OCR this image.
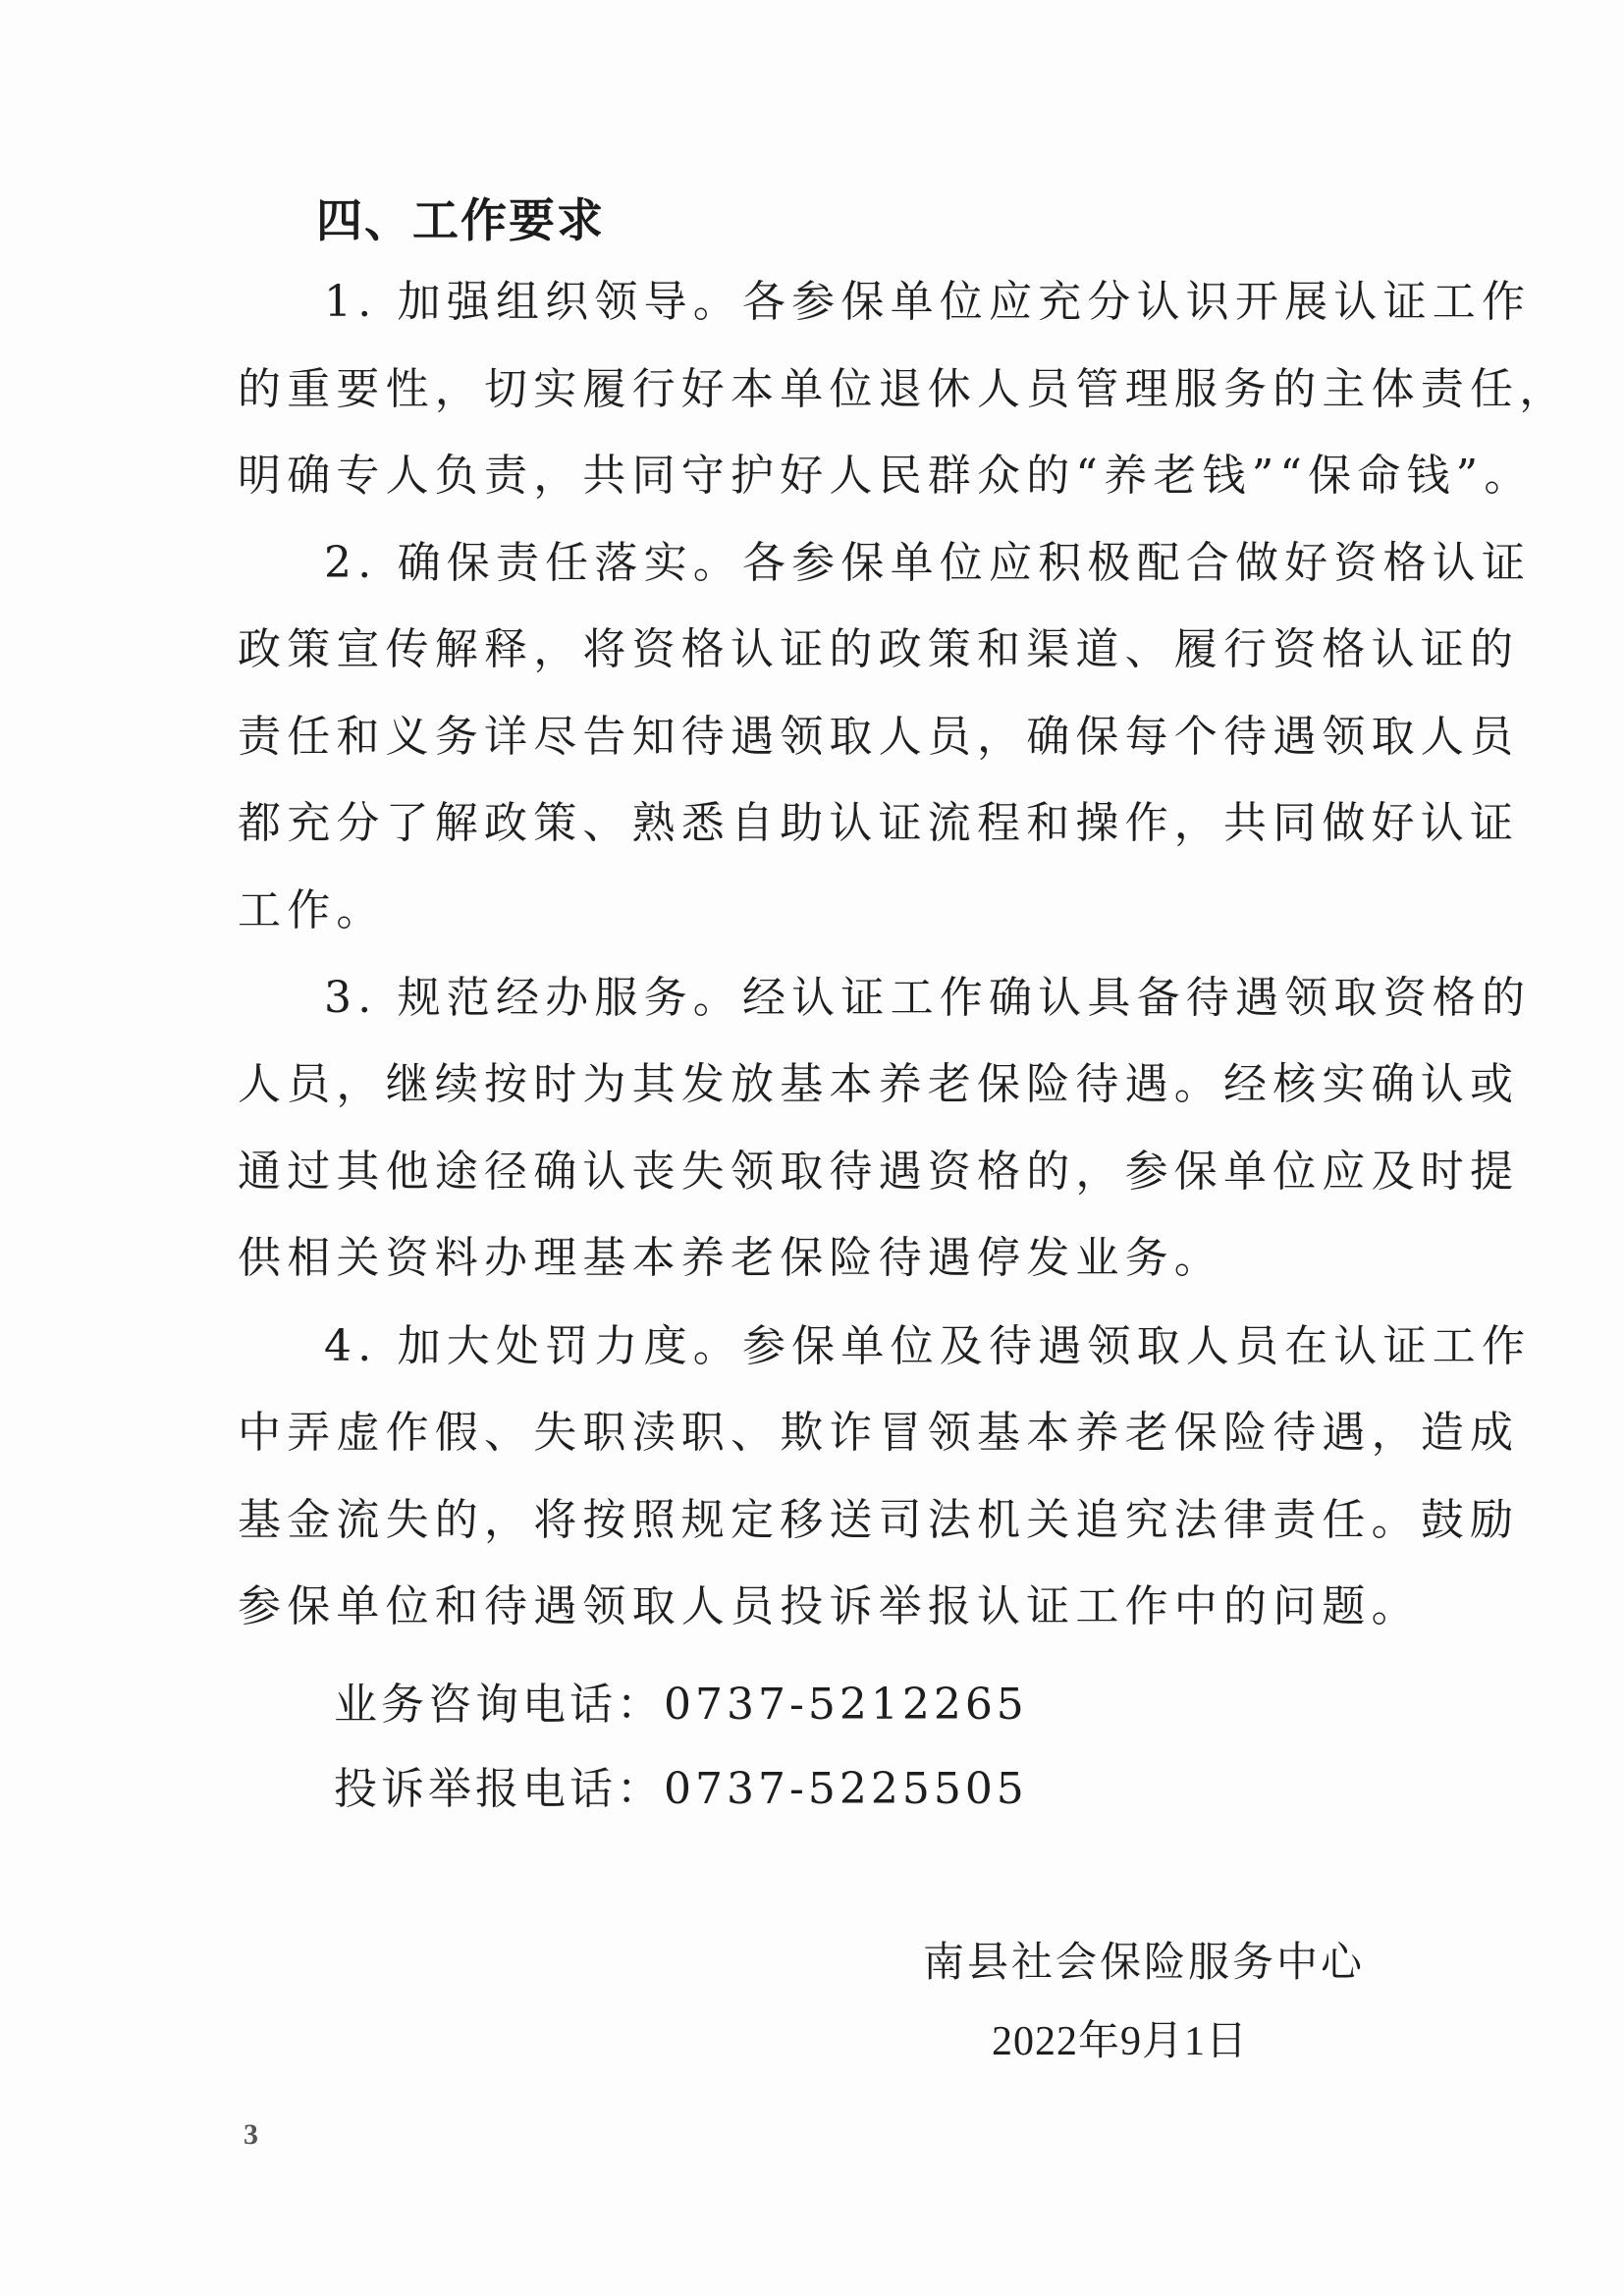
四、工作要求
1. 加强组织领导。各参保单位应充分认识开展认证工作
的重要性，切实履行好本单位退休人员管理服务的主体责任，
明确专人负责，共同守护好人民群众的“养老钱”“保命钱”。
2. 确保责任落实。各参保单位应积极配合做好资格认证
政策宣传解释，将资格认证的政策和渠道、履行资格认证的
责任和义务详尽告知待遇领取人员，确保每个待遇领取人员
都充分了解政策、熟悉自助认证流程和操作，共同做好认证
工作。
3. 规范经办服务。经认证工作确认具备待遇领取资格的
人员，继续按时为其发放基本养老保险待遇。经核实确认或
通过其他途径确认丧失领取待遇资格的，参保单位应及时提
供相关资料办理基本养老保险待遇停发业务。
4. 加大处罚力度。参保单位及待遇领取人员在认证工作
中弄虚作假、失职渎职、欺诈冒领基本养老保险待遇，造成
基金流失的，将按照规定移送司法机关追究法律责任。鼓励
参保单位和待遇领取人员投诉举报认证工作中的问题。
业务咨询电话：0737-5212265
投诉举报电话：0737-5225505
南县社会保险服务中心
2022年9月1日
3
